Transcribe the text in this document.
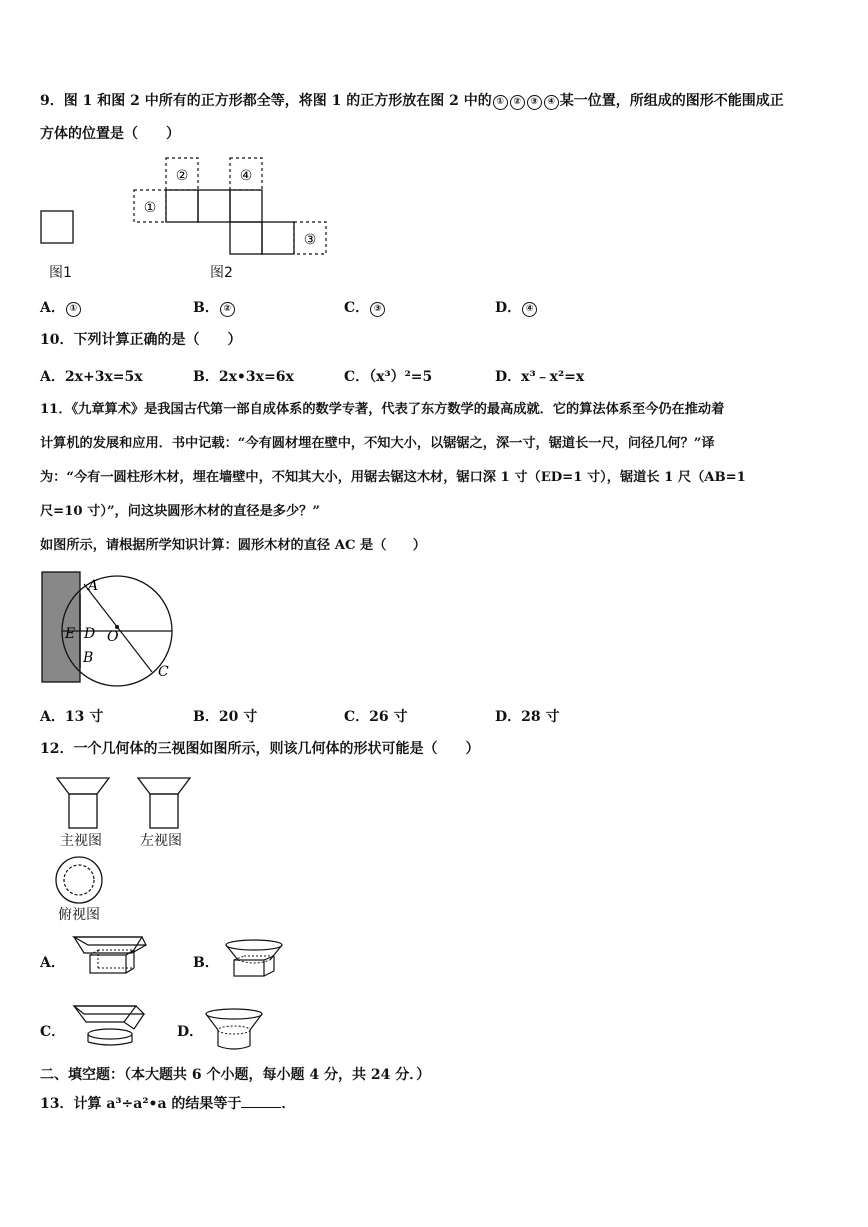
9．图 1 和图 2 中所有的正方形都全等，将图 1 的正方形放在图 2 中的 ① ② ③ ④ 某一位置，所组成的图形不能围成正
方体的位置是（　　）
图1
①
②
③
④
图2
A． ①	B． ②	C． ③	D． ④
10．下列计算正确的是（　　）
A．2x+3x=5x	B．2x•3x=6x	C．（x³）²=5	D．x³﹣x²=x
11．《九章算术》是我国古代第一部自成体系的数学专著，代表了东方数学的最高成就．它的算法体系至今仍在推动着
计算机的发展和应用．书中记载：“今有圆材埋在壁中，不知大小，以锯锯之，深一寸，锯道长一尺，问径几何？”译
为：“今有一圆柱形木材，埋在墙壁中，不知其大小，用锯去锯这木材，锯口深 1 寸（ED=1 寸），锯道长 1 尺（AB=1
尺=10 寸）”，问这块圆形木材的直径是多少？”
如图所示，请根据所学知识计算：圆形木材的直径 AC 是（　　）
A
E D O
B
C
A．13 寸	B．20 寸	C．26 寸	D．28 寸
12．一个几何体的三视图如图所示，则该几何体的形状可能是（　　）
主视图	左视图
俯视图
A．	B．
C．	D．
二、填空题：（本大题共 6 个小题，每小题 4 分，共 24 分．）
13．计算 a³÷a²•a 的结果等于	．
